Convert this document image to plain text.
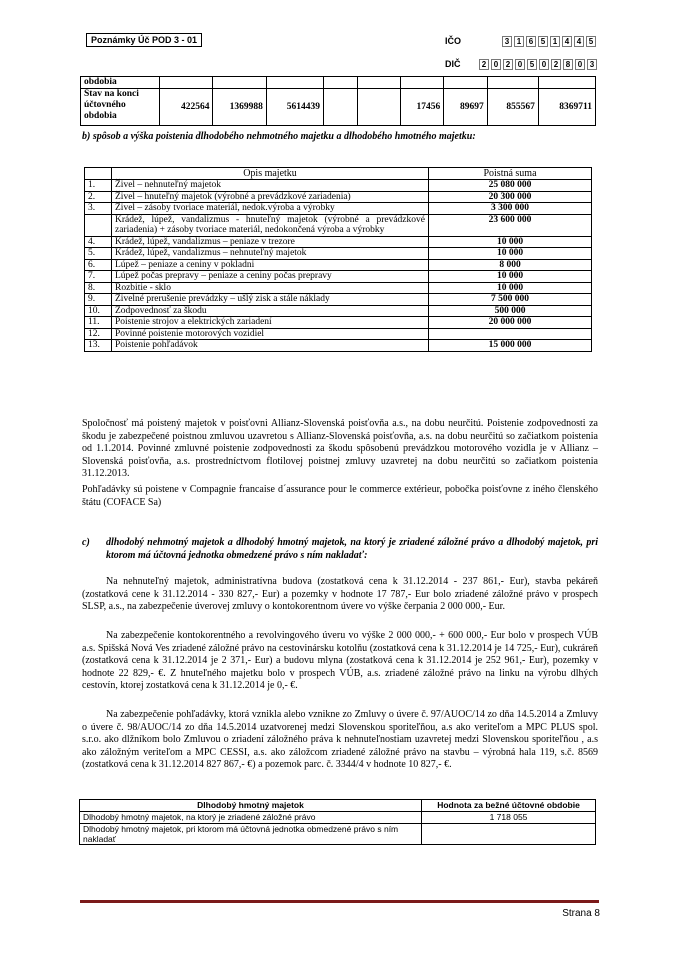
Poznámky Úč POD 3 - 01	IČO	3 1 6 5 1 4 4 5
DIČ	2 0 2 0 5 0 2 8 0 3
obdobia									
Stav na konci účtovného obdobia	422564	1369988	5614439			17456	89697	855567	8369711
b) spôsob a výška poistenia dlhodobého nehmotného majetku a dlhodobého hmotného majetku:
	Opis majetku	Poistná suma
1.	Živel – nehnuteľný majetok	25 080 000
2.	Živel – hnuteľný majetok (výrobné a prevádzkové zariadenia)	20 300 000
3.	Živel – zásoby tvoriace materiál, nedok.výroba a výrobky	3 300 000
	Krádež, lúpež, vandalizmus - hnuteľný majetok (výrobné a prevádzkové zariadenia) + zásoby tvoriace materiál, nedokončená výroba a výrobky	23 600 000
4.	Krádež, lúpež, vandalizmus – peniaze v trezore	10 000
5.	Krádež, lúpež, vandalizmus – nehnuteľný majetok	10 000
6.	Lúpež – peniaze a ceniny v pokladni	8 000
7.	Lúpež počas prepravy – peniaze a ceniny počas prepravy	10 000
8.	Rozbitie - sklo	10 000
9.	Živelné prerušenie prevádzky – ušlý zisk a stále náklady	7 500 000
10.	Zodpovednosť za škodu	500 000
11.	Poistenie strojov a elektrických zariadení	20 000 000
12.	Povinné poistenie motorových vozidiel	
13.	Poistenie pohľadávok	15 000 000
Spoločnosť má poistený majetok v poisťovni Allianz-Slovenská poisťovňa a.s., na dobu neurčitú. Poistenie zodpovednosti za škodu je zabezpečené poistnou zmluvou uzavretou s Allianz-Slovenská poisťovňa, a.s. na dobu neurčitú so začiatkom poistenia od 1.1.2014. Povinné zmluvné poistenie zodpovednosti za škodu spôsobenú prevádzkou motorového vozidla je v Allianz – Slovenská poisťovňa, a.s. prostredníctvom flotilovej poistnej zmluvy uzavretej na dobu neurčitú so začiatkom poistenia 31.12.2013.
Pohľadávky sú poistene v Compagnie francaise d´assurance pour le commerce extérieur, pobočka poisťovne z iného členského štátu (COFACE Sa)
c) dlhodobý nehmotný majetok a dlhodobý hmotný majetok, na ktorý je zriadené záložné právo a dlhodobý majetok, pri ktorom má účtovná jednotka obmedzené právo s ním nakladať:
Na nehnuteľný majetok, administratívna budova (zostatková cena k 31.12.2014 - 237 861,- Eur), stavba pekáreň (zostatková cene k 31.12.2014 - 330 827,- Eur) a pozemky v hodnote 17 787,- Eur bolo zriadené záložné právo v prospech SLSP, a.s., na zabezpečenie úverovej zmluvy o kontokorentnom úvere vo výške čerpania 2 000 000,- Eur.
Na zabezpečenie kontokorentného a revolvingového úveru vo výške 2 000 000,- + 600 000,- Eur bolo v prospech VÚB a.s. Spišská Nová Ves zriadené záložné právo na cestovinársku kotolňu (zostatková cena k 31.12.2014 je 14 725,- Eur), cukráreň (zostatková cena k 31.12.2014 je 2 371,- Eur) a budovu mlyna (zostatková cena k 31.12.2014 je 252 961,- Eur), pozemky v hodnote 22 829,- €. Z hnuteľného majetku bolo v prospech VÚB, a.s. zriadené záložné právo na linku na výrobu dlhých cestovín, ktorej zostatková cena k 31.12.2014 je 0,- €.
Na zabezpečenie pohľadávky, ktorá vznikla alebo vznikne zo Zmluvy o úvere č. 97/AUOC/14 zo dňa 14.5.2014 a Zmluvy o úvere č. 98/AUOC/14 zo dňa 14.5.2014 uzatvorenej medzi Slovenskou sporiteľňou, a.s ako veriteľom a MPC PLUS spol. s.r.o. ako dlžníkom bolo Zmluvou o zriadení záložného práva k nehnuteľnostiam uzavretej medzi Slovenskou sporiteľňou , a.s ako záložným veriteľom a MPC CESSI, a.s. ako záložcom zriadené záložné právo na stavbu – výrobná hala 119, s.č. 8569 (zostatková cena k 31.12.2014 827 867,- €) a pozemok parc. č. 3344/4 v hodnote 10 827,- €.
Dlhodobý hmotný majetok	Hodnota za bežné účtovné obdobie
Dlhodobý hmotný majetok, na ktorý je zriadené záložné právo	1 718 055
Dlhodobý hmotný majetok, pri ktorom má účtovná jednotka obmedzené právo s ním nakladať	
Strana 8
